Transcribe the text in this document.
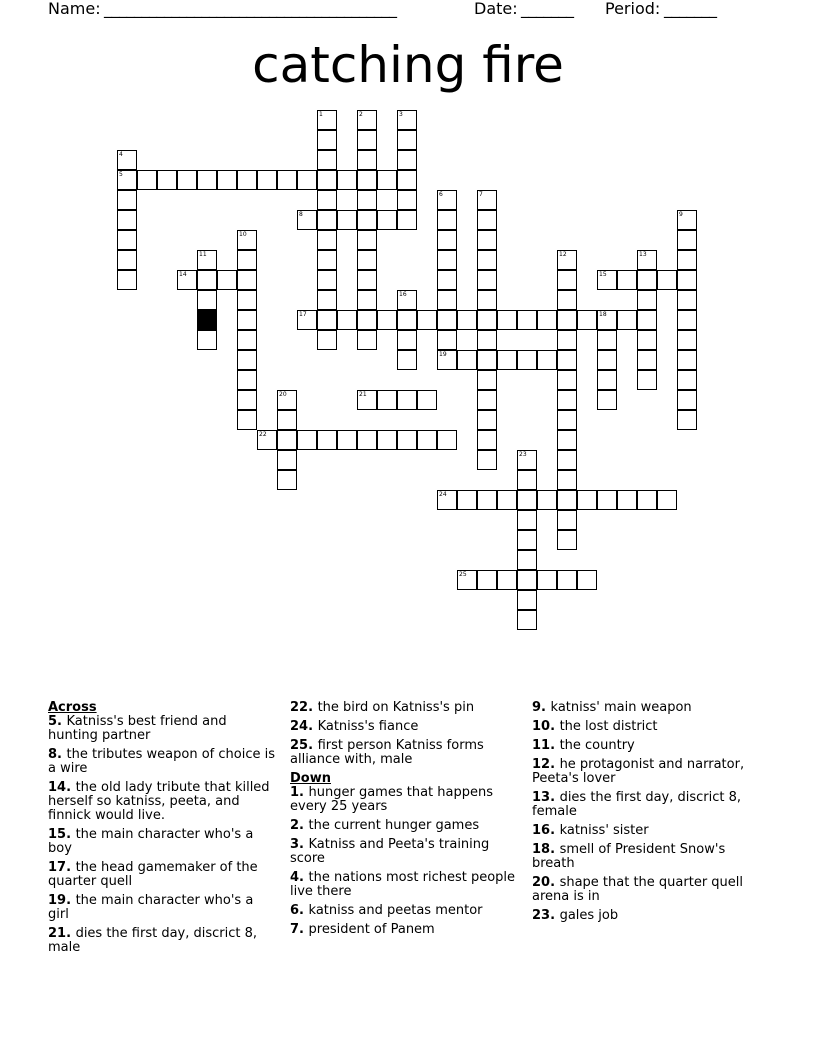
Name: _______________________________________	Date: _______ Period: _______
catching fire
1	2	3
4
5
6	7
8	9
10
11	12	13
14	15
16
17	18
19
20	21
22
23
24
25
Across
5. Katniss's best friend and hunting partner
8. the tributes weapon of choice is a wire
14. the old lady tribute that killed herself so katniss, peeta, and finnick would live.
15. the main character who's a boy
17. the head gamemaker of the quarter quell
19. the main character who's a girl
21. dies the first day, discrict 8, male
22. the bird on Katniss's pin
24. Katniss's fiance
25. first person Katniss forms alliance with, male
Down
1. hunger games that happens every 25 years
2. the current hunger games
3. Katniss and Peeta's training score
4. the nations most richest people live there
6. katniss and peetas mentor
7. president of Panem
9. katniss' main weapon
10. the lost district
11. the country
12. he protagonist and narrator, Peeta's lover
13. dies the first day, discrict 8, female
16. katniss' sister
18. smell of President Snow's breath
20. shape that the quarter quell arena is in
23. gales job
